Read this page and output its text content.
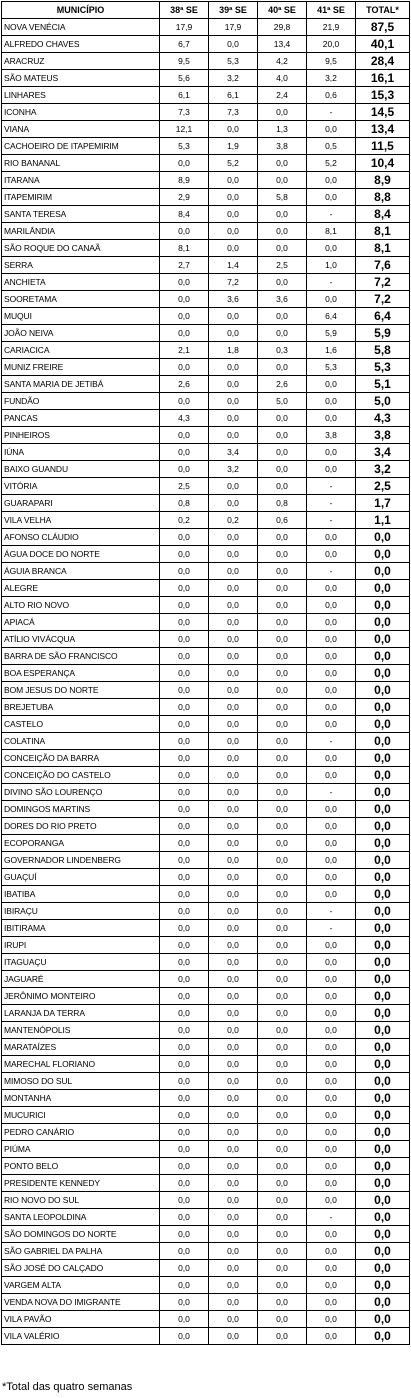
MUNICÍPIO	38ª SE	39ª SE	40ª SE	41ª SE	TOTAL*
NOVA VENÉCIA	17,9	17,9	29,8	21,9	87,5
ALFREDO CHAVES	6,7	0,0	13,4	20,0	40,1
ARACRUZ	9,5	5,3	4,2	9,5	28,4
SÃO MATEUS	5,6	3,2	4,0	3,2	16,1
LINHARES	6,1	6,1	2,4	0,6	15,3
ICONHA	7,3	7,3	0,0	-	14,5
VIANA	12,1	0,0	1,3	0,0	13,4
CACHOEIRO DE ITAPEMIRIM	5,3	1,9	3,8	0,5	11,5
RIO BANANAL	0,0	5,2	0,0	5,2	10,4
ITARANA	8,9	0,0	0,0	0,0	8,9
ITAPEMIRIM	2,9	0,0	5,8	0,0	8,8
SANTA TERESA	8,4	0,0	0,0	-	8,4
MARILÂNDIA	0,0	0,0	0,0	8,1	8,1
SÃO ROQUE DO CANAÃ	8,1	0,0	0,0	0,0	8,1
SERRA	2,7	1,4	2,5	1,0	7,6
ANCHIETA	0,0	7,2	0,0	-	7,2
SOORETAMA	0,0	3,6	3,6	0,0	7,2
MUQUI	0,0	0,0	0,0	6,4	6,4
JOÃO NEIVA	0,0	0,0	0,0	5,9	5,9
CARIACICA	2,1	1,8	0,3	1,6	5,8
MUNIZ FREIRE	0,0	0,0	0,0	5,3	5,3
SANTA MARIA DE JETIBÁ	2,6	0,0	2,6	0,0	5,1
FUNDÃO	0,0	0,0	5,0	0,0	5,0
PANCAS	4,3	0,0	0,0	0,0	4,3
PINHEIROS	0,0	0,0	0,0	3,8	3,8
IÚNA	0,0	3,4	0,0	0,0	3,4
BAIXO GUANDU	0,0	3,2	0,0	0,0	3,2
VITÓRIA	2,5	0,0	0,0	-	2,5
GUARAPARI	0,8	0,0	0,8	-	1,7
VILA VELHA	0,2	0,2	0,6	-	1,1
AFONSO CLÁUDIO	0,0	0,0	0,0	0,0	0,0
ÁGUA DOCE DO NORTE	0,0	0,0	0,0	0,0	0,0
ÁGUIA BRANCA	0,0	0,0	0,0	-	0,0
ALEGRE	0,0	0,0	0,0	0,0	0,0
ALTO RIO NOVO	0,0	0,0	0,0	0,0	0,0
APIACÁ	0,0	0,0	0,0	0,0	0,0
ATÍLIO VIVÁCQUA	0,0	0,0	0,0	0,0	0,0
BARRA DE SÃO FRANCISCO	0,0	0,0	0,0	0,0	0,0
BOA ESPERANÇA	0,0	0,0	0,0	0,0	0,0
BOM JESUS DO NORTE	0,0	0,0	0,0	0,0	0,0
BREJETUBA	0,0	0,0	0,0	0,0	0,0
CASTELO	0,0	0,0	0,0	0,0	0,0
COLATINA	0,0	0,0	0,0	-	0,0
CONCEIÇÃO DA BARRA	0,0	0,0	0,0	0,0	0,0
CONCEIÇÃO DO CASTELO	0,0	0,0	0,0	0,0	0,0
DIVINO SÃO LOURENÇO	0,0	0,0	0,0	-	0,0
DOMINGOS MARTINS	0,0	0,0	0,0	0,0	0,0
DORES DO RIO PRETO	0,0	0,0	0,0	0,0	0,0
ECOPORANGA	0,0	0,0	0,0	0,0	0,0
GOVERNADOR LINDENBERG	0,0	0,0	0,0	0,0	0,0
GUAÇUÍ	0,0	0,0	0,0	0,0	0,0
IBATIBA	0,0	0,0	0,0	0,0	0,0
IBIRAÇU	0,0	0,0	0,0	-	0,0
IBITIRAMA	0,0	0,0	0,0	-	0,0
IRUPI	0,0	0,0	0,0	0,0	0,0
ITAGUAÇU	0,0	0,0	0,0	0,0	0,0
JAGUARÉ	0,0	0,0	0,0	0,0	0,0
JERÔNIMO MONTEIRO	0,0	0,0	0,0	0,0	0,0
LARANJA DA TERRA	0,0	0,0	0,0	0,0	0,0
MANTENÓPOLIS	0,0	0,0	0,0	0,0	0,0
MARATAÍZES	0,0	0,0	0,0	0,0	0,0
MARECHAL FLORIANO	0,0	0,0	0,0	0,0	0,0
MIMOSO DO SUL	0,0	0,0	0,0	0,0	0,0
MONTANHA	0,0	0,0	0,0	0,0	0,0
MUCURICI	0,0	0,0	0,0	0,0	0,0
PEDRO CANÁRIO	0,0	0,0	0,0	0,0	0,0
PIÚMA	0,0	0,0	0,0	0,0	0,0
PONTO BELO	0,0	0,0	0,0	0,0	0,0
PRESIDENTE KENNEDY	0,0	0,0	0,0	0,0	0,0
RIO NOVO DO SUL	0,0	0,0	0,0	0,0	0,0
SANTA LEOPOLDINA	0,0	0,0	0,0	-	0,0
SÃO DOMINGOS DO NORTE	0,0	0,0	0,0	0,0	0,0
SÃO GABRIEL DA PALHA	0,0	0,0	0,0	0,0	0,0
SÃO JOSÉ DO CALÇADO	0,0	0,0	0,0	0,0	0,0
VARGEM ALTA	0,0	0,0	0,0	0,0	0,0
VENDA NOVA DO IMIGRANTE	0,0	0,0	0,0	0,0	0,0
VILA PAVÃO	0,0	0,0	0,0	0,0	0,0
VILA VALÉRIO	0,0	0,0	0,0	0,0	0,0
*Total das quatro semanas
